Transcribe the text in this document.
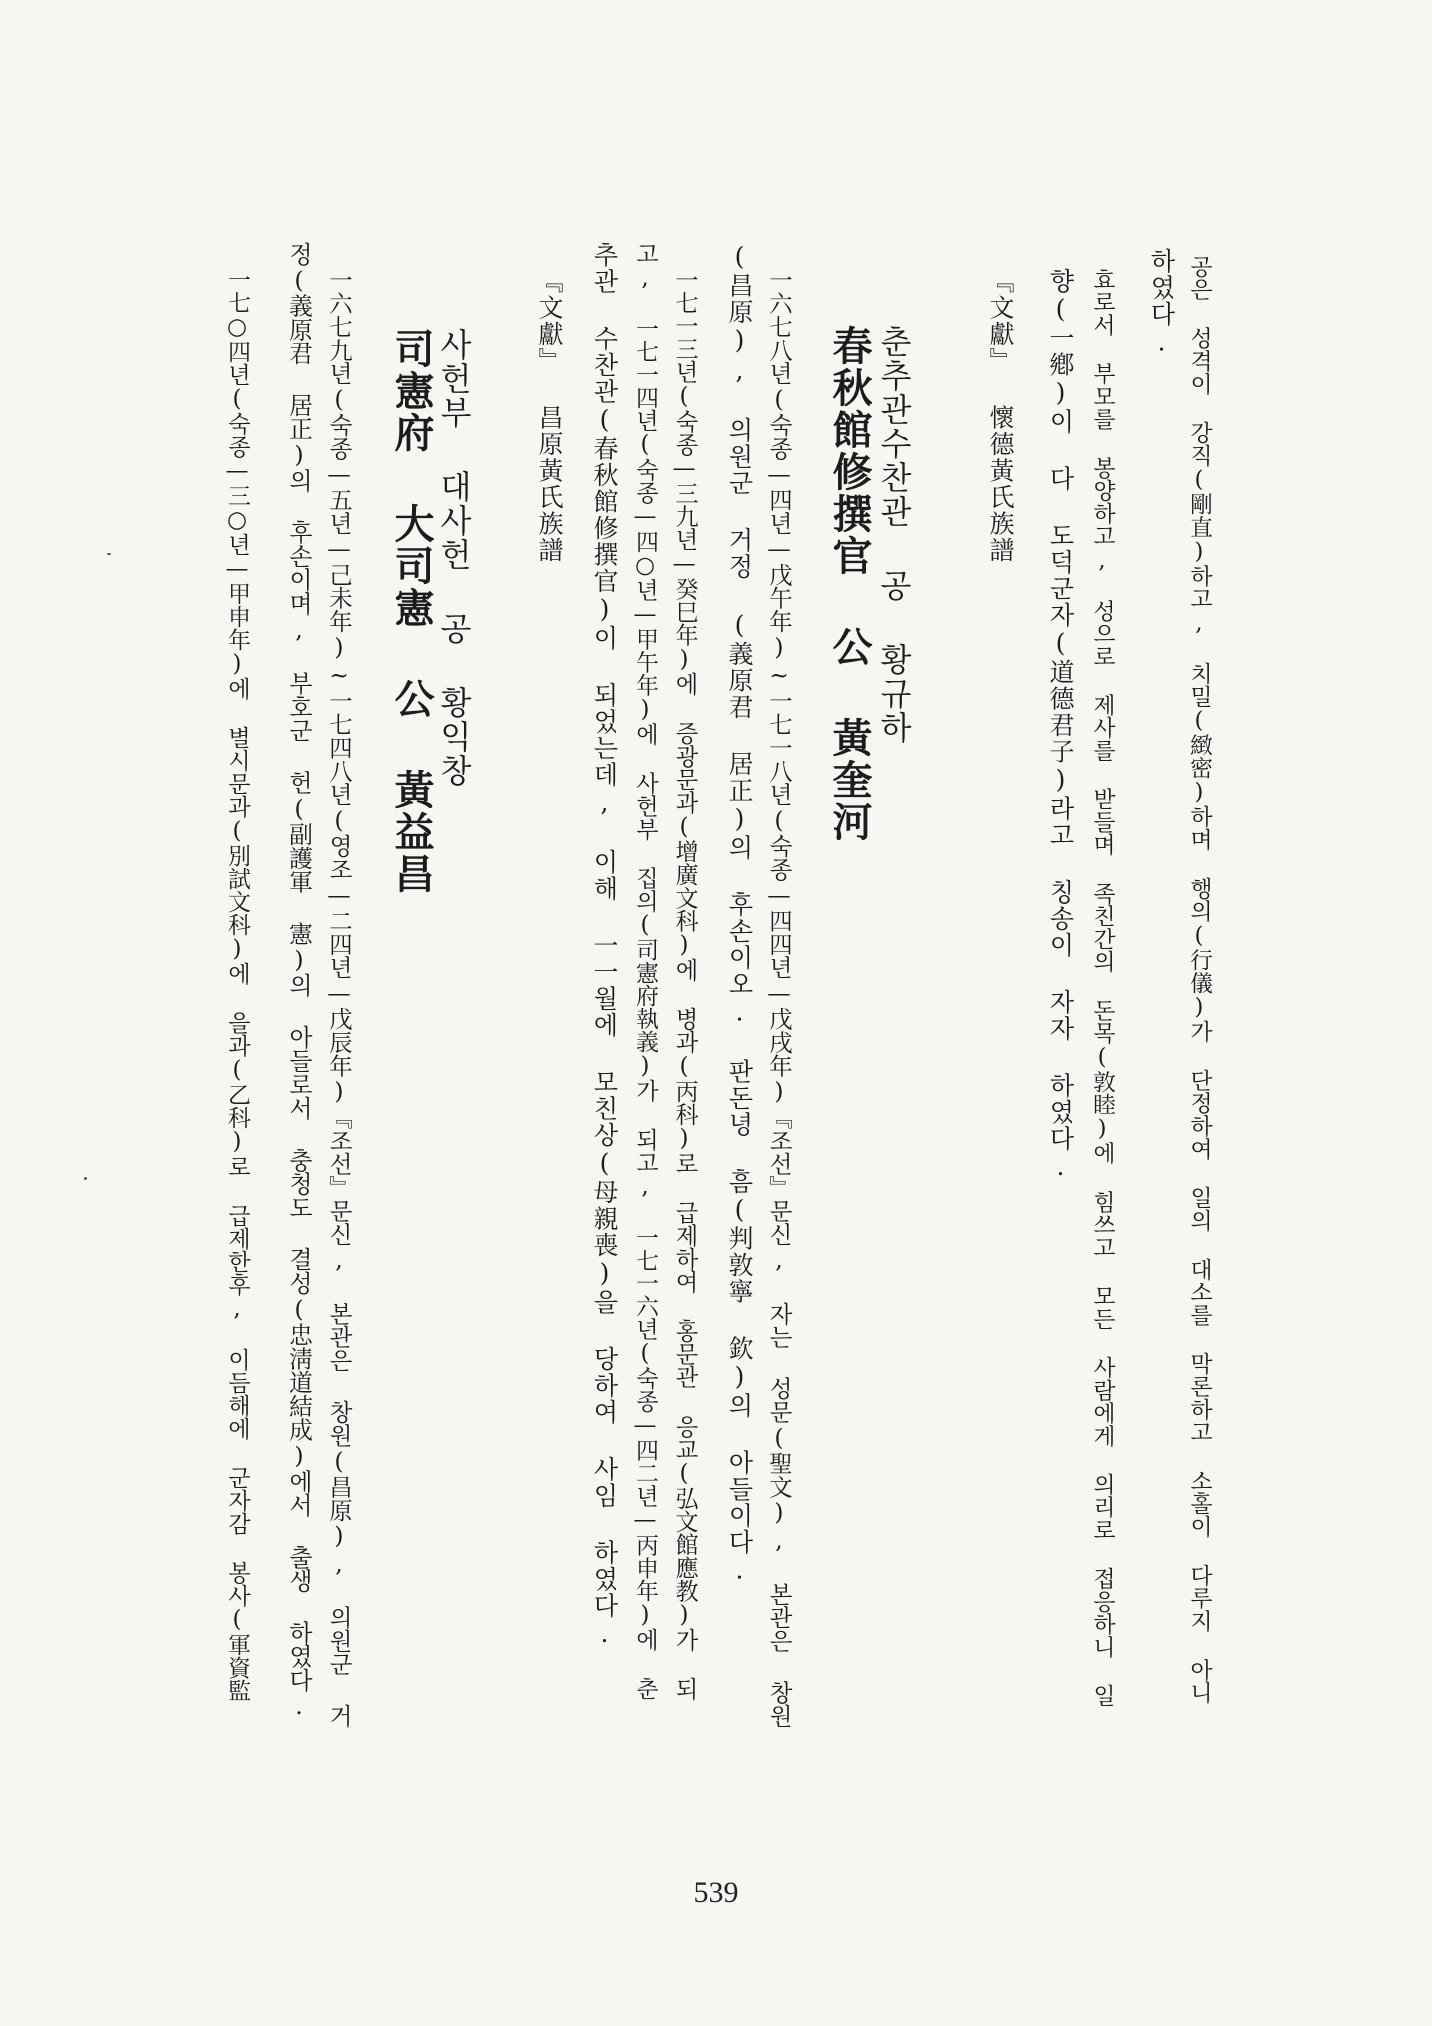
공은 성격이 강직(剛直)하고, 치밀(緻密)하며 행의(行儀)가 단정하여 일의 대소를 막론하고 소홀이 다루지 아니
하였다.
효로서 부모를 봉양하고, 성으로 제사를 받들며 족친간의 돈목(敦睦)에 힘쓰고 모든 사람에게 의리로 접응하니 일
향(一鄕)이 다 도덕군자(道德君子)라고 칭송이 자자 하였다.
『文獻』 懷德黃氏族譜
춘추관수찬관 공 황규하
春秋館修撰官 公 黃奎河
一六七八년(숙종—四년—戊午年)~一七一八년(숙종—四四년—戊戌年)『조선』문신, 자는 성문(聖文), 본관은 창원
(昌原), 의원군 거정 (義原君 居正)의 후손이오. 판돈녕 흠(判敦寧 欽)의 아들이다.
一七一三년(숙종—三九년—癸巳年)에 증광문과(增廣文科)에 병과(丙科)로 급제하여 홍문관 응교(弘文館應教)가 되
고, 一七一四년(숙종—四○년—甲午年)에 사헌부 집의(司憲府執義)가 되고, 一七一六년(숙종—四二년—丙申年)에 춘
추관 수찬관(春秋館修撰官)이 되었는데, 이해 一一월에 모친상(母親喪)을 당하여 사임 하였다.
『文獻』 昌原黃氏族譜
사헌부 대사헌 공 황익창
司憲府 大司憲 公 黃益昌
一六七九년(숙종—五년—己未年)~一七四八년(영조—二四년—戊辰年)『조선』문신, 본관은 창원(昌原), 의원군 거
정(義原君 居正)의 후손이며, 부호군 헌(副護軍 憲)의 아들로서 충청도 결성(忠淸道結成)에서 출생 하였다.
一七○四년(숙종—三○년—甲申年)에 별시문과(別試文科)에 을과(乙科)로 급제한후, 이듬해에 군자감 봉사(軍資監
539
